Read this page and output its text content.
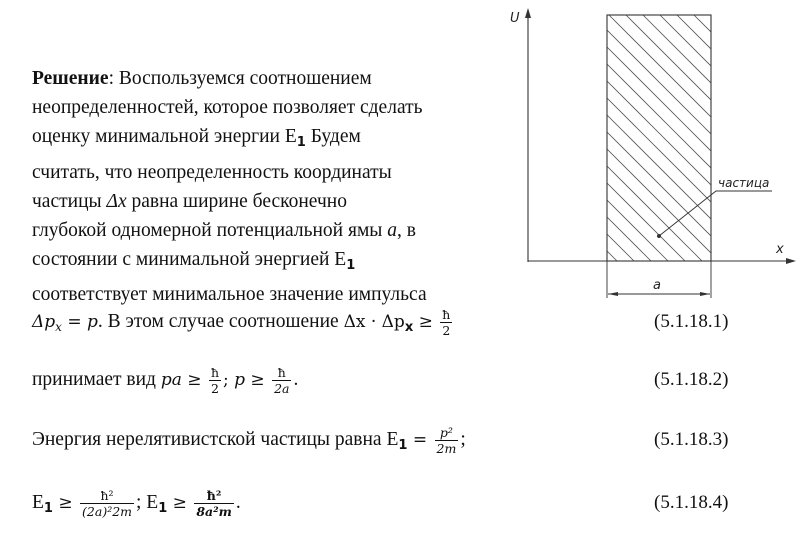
Решение: Воспользуемся соотношением
неопределенностей, которое позволяет сделать
оценку минимальной энергии $Е_1$ Будем
считать, что неопределенность координаты
частицы Δx равна ширине бесконечно
глубокой одномерной потенциальной ямы a, в
состоянии с минимальной энергией $Е_1$
соответствует минимальное значение импульса
$\Delta p_x = p$. В этом случае соотношение $\Delta x \cdot \Delta p_x \ge \frac{ħ}{2}$	(5.1.18.1)
принимает вид pa ≥ $\frac{ħ}{2}$ ; $p \ge \frac{ħ}{2a}$ .	(5.1.18.2)
Энергия нерелятивистской частицы равна $Е_1 = \frac{\text{p²}}{2m}$ ;	(5.1.18.3)
$Е_1 \ge \frac{\text{ħ²}}{\text{(2a)²2m}}$ ; $Е_1 \ge \frac{\text{ħ²}}{\text{8a²m}}$ .	(5.1.18.4)
U
x
a
частица
